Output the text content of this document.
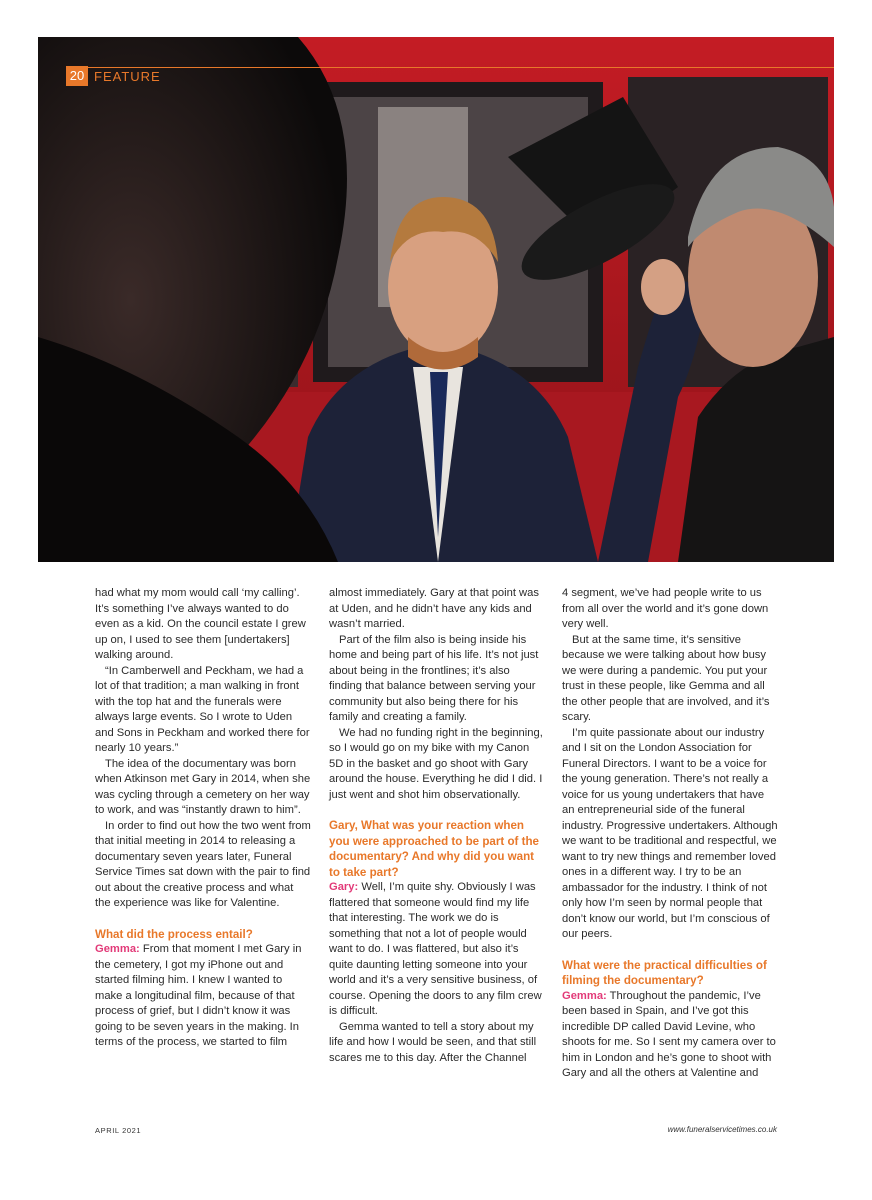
20 FEATURE

had what my mom would call ‘my calling’. It’s something I’ve always wanted to do even as a kid. On the council estate I grew up on, I used to see them [undertakers] walking around.

“In Camberwell and Peckham, we had a lot of that tradition; a man walking in front with the top hat and the funerals were always large events. So I wrote to Uden and Sons in Peckham and worked there for nearly 10 years.”

The idea of the documentary was born when Atkinson met Gary in 2014, when she was cycling through a cemetery on her way to work, and was “instantly drawn to him”.

In order to find out how the two went from that initial meeting in 2014 to releasing a documentary seven years later, Funeral Service Times sat down with the pair to find out about the creative process and what the experience was like for Valentine.

What did the process entail?

Gemma: From that moment I met Gary in the cemetery, I got my iPhone out and started filming him. I knew I wanted to make a longitudinal film, because of that process of grief, but I didn’t know it was going to be seven years in the making. In terms of the process, we started to film

almost immediately. Gary at that point was at Uden, and he didn’t have any kids and wasn’t married.

Part of the film also is being inside his home and being part of his life. It’s not just about being in the frontlines; it’s also finding that balance between serving your community but also being there for his family and creating a family.

We had no funding right in the beginning, so I would go on my bike with my Canon 5D in the basket and go shoot with Gary around the house. Everything he did I did. I just went and shot him observationally.

Gary, What was your reaction when you were approached to be part of the documentary? And why did you want to take part?

Gary: Well, I’m quite shy. Obviously I was flattered that someone would find my life that interesting. The work we do is something that not a lot of people would want to do. I was flattered, but also it’s quite daunting letting someone into your world and it’s a very sensitive business, of course. Opening the doors to any film crew is difficult.

Gemma wanted to tell a story about my life and how I would be seen, and that still scares me to this day. After the Channel

4 segment, we’ve had people write to us from all over the world and it’s gone down very well.

But at the same time, it’s sensitive because we were talking about how busy we were during a pandemic. You put your trust in these people, like Gemma and all the other people that are involved, and it’s scary.

I’m quite passionate about our industry and I sit on the London Association for Funeral Directors. I want to be a voice for the young generation. There’s not really a voice for us young undertakers that have an entrepreneurial side of the funeral industry. Progressive undertakers. Although we want to be traditional and respectful, we want to try new things and remember loved ones in a different way. I try to be an ambassador for the industry. I think of not only how I’m seen by normal people that don’t know our world, but I’m conscious of our peers.

What were the practical difficulties of filming the documentary?

Gemma: Throughout the pandemic, I’ve been based in Spain, and I’ve got this incredible DP called David Levine, who shoots for me. So I sent my camera over to him in London and he’s gone to shoot with Gary and all the others at Valentine and

APRIL 2021	www.funeralservicetimes.co.uk
